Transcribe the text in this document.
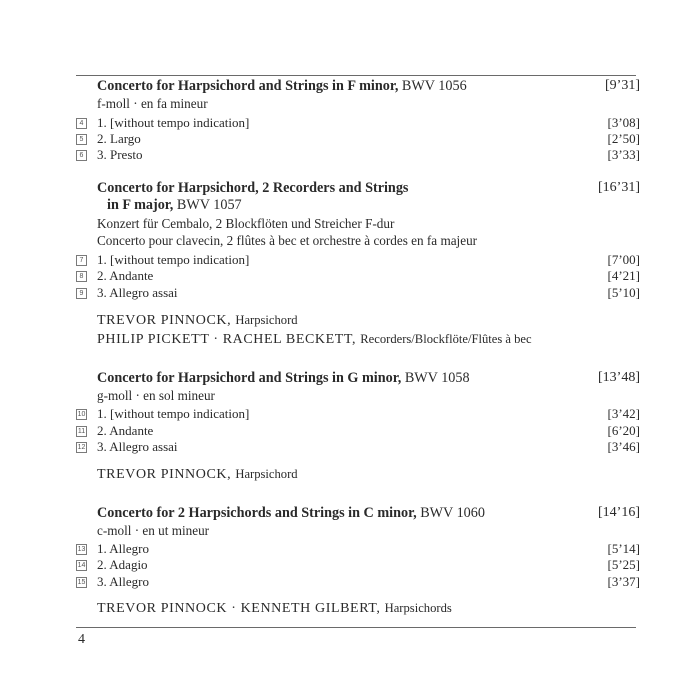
Concerto for Harpsichord and Strings in F minor, BWV 1056	[9’31]
f-moll · en fa mineur
4 1. [without tempo indication]	[3’08]
5 2. Largo	[2’50]
6 3. Presto	[3’33]
Concerto for Harpsichord, 2 Recorders and Strings	[16’31]
in F major, BWV 1057
Konzert für Cembalo, 2 Blockflöten und Streicher F-dur
Concerto pour clavecin, 2 flûtes à bec et orchestre à cordes en fa majeur
7 1. [without tempo indication]	[7’00]
8 2. Andante	[4’21]
9 3. Allegro assai	[5’10]
TREVOR PINNOCK, Harpsichord
PHILIP PICKETT · RACHEL BECKETT, Recorders/Blockflöte/Flûtes à bec
Concerto for Harpsichord and Strings in G minor, BWV 1058	[13’48]
g-moll · en sol mineur
10 1. [without tempo indication]	[3’42]
11 2. Andante	[6’20]
12 3. Allegro assai	[3’46]
TREVOR PINNOCK, Harpsichord
Concerto for 2 Harpsichords and Strings in C minor, BWV 1060	[14’16]
c-moll · en ut mineur
13 1. Allegro	[5’14]
14 2. Adagio	[5’25]
15 3. Allegro	[3’37]
TREVOR PINNOCK · KENNETH GILBERT, Harpsichords
4
